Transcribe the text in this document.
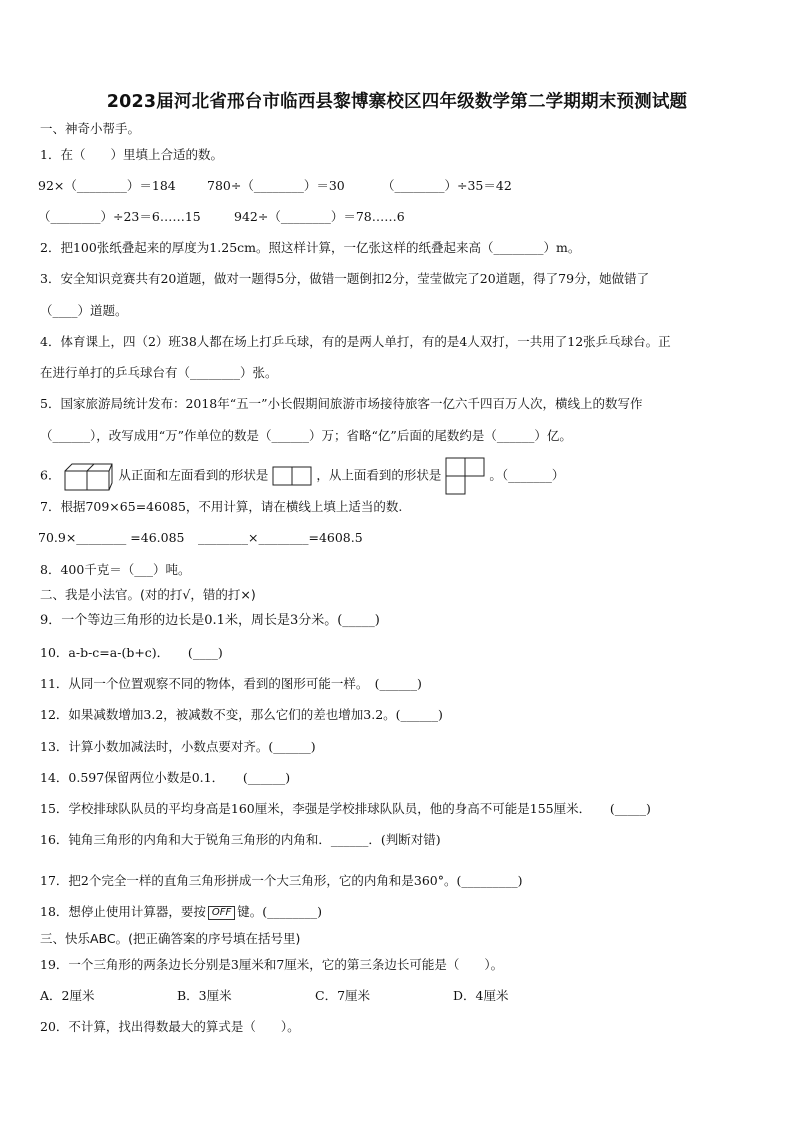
2023届河北省邢台市临西县黎博寨校区四年级数学第二学期期末预测试题
一、神奇小帮手。
1．在（　　）里填上合适的数。
92×（________）＝184	780÷（________）＝30	（________）÷35＝42
（________）÷23＝6……15	942÷（________）＝78……6
2．把100张纸叠起来的厚度为1.25cm。照这样计算，一亿张这样的纸叠起来高（________）m。
3．安全知识竞赛共有20道题，做对一题得5分，做错一题倒扣2分，莹莹做完了20道题，得了79分，她做错了
（____）道题。
4．体育课上，四（2）班38人都在场上打乒乓球，有的是两人单打，有的是4人双打，一共用了12张乒乓球台。正
在进行单打的乒乓球台有（________）张。
5．国家旅游局统计发布：2018年“五一”小长假期间旅游市场接待旅客一亿六千四百万人次，横线上的数写作
（______），改写成用“万”作单位的数是（______）万；省略“亿”后面的尾数约是（______）亿。
6．	从正面和左面看到的形状是	，从上面看到的形状是	。（_______）
7．根据709×65=46085，不用计算，请在横线上填上适当的数.
70.9×________ =46.085 ________×________=4608.5
8．400千克＝（___）吨。
二、我是小法官。(对的打√，错的打×)
9．一个等边三角形的边长是0.1米，周长是3分米。(_____)
10．a-b-c=a-(b+c)．　　(____)
11．从同一个位置观察不同的物体，看到的图形可能一样。　(______)
12．如果减数增加3.2，被减数不变，那么它们的差也增加3.2。(______)
13．计算小数加减法时，小数点要对齐。(______)
14．0.597保留两位小数是0.1．　　(______)
15．学校排球队队员的平均身高是160厘米，李强是学校排球队队员，他的身高不可能是155厘米．　　(_____)
16．钝角三角形的内角和大于锐角三角形的内角和．______．(判断对错)
17．把2个完全一样的直角三角形拼成一个大三角形，它的内角和是360°。(_________)
18．想停止使用计算器，要按 OFF 键。(________)
三、快乐ABC。(把正确答案的序号填在括号里)
19．一个三角形的两条边长分别是3厘米和7厘米，它的第三条边长可能是（　　）。
A．2厘米	B．3厘米	C．7厘米	D．4厘米
20．不计算，找出得数最大的算式是（　　）。
